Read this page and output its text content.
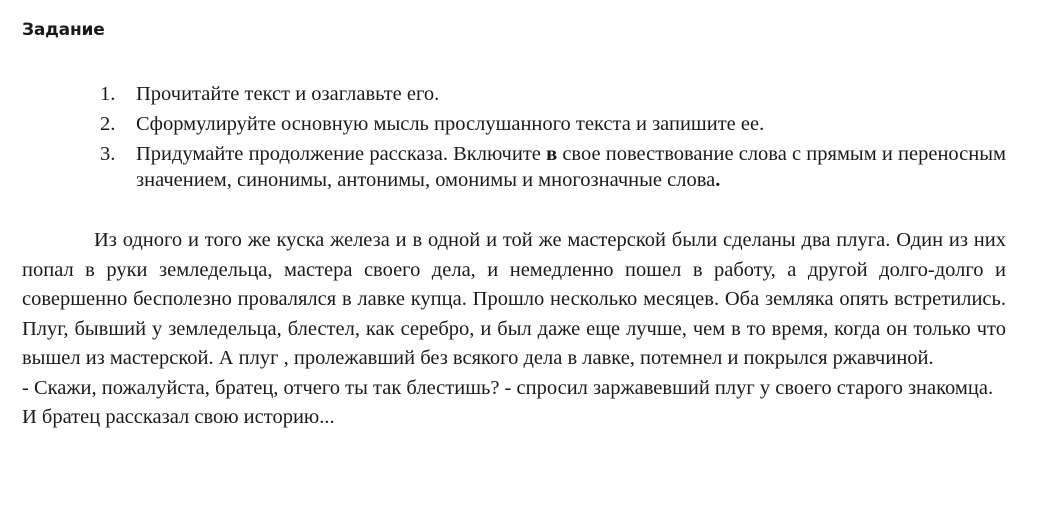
Задание
1.	Прочитайте текст и озаглавьте его.
2.	Сформулируйте основную мысль прослушанного текста и запишите ее.
3.	Придумайте продолжение рассказа. Включите в свое повествование слова с прямым и переносным значением, синонимы, антонимы, омонимы и многозначные слова.

Из одного и того же куска железа и в одной и той же мастерской были сделаны два плуга. Один из них попал в руки земледельца, мастера своего дела, и немедленно пошел в работу, а другой долго-долго и совершенно бесполезно провалялся в лавке купца. Прошло несколько месяцев. Оба земляка опять встретились. Плуг, бывший у земледельца, блестел, как серебро, и был даже еще лучше, чем в то время, когда он только что вышел из мастерской. А плуг , пролежавший без всякого дела в лавке, потемнел и покрылся ржавчиной.

- Скажи, пожалуйста, братец, отчего ты так блестишь? - спросил заржавевший плуг у своего старого знакомца.

И братец рассказал свою историю...
